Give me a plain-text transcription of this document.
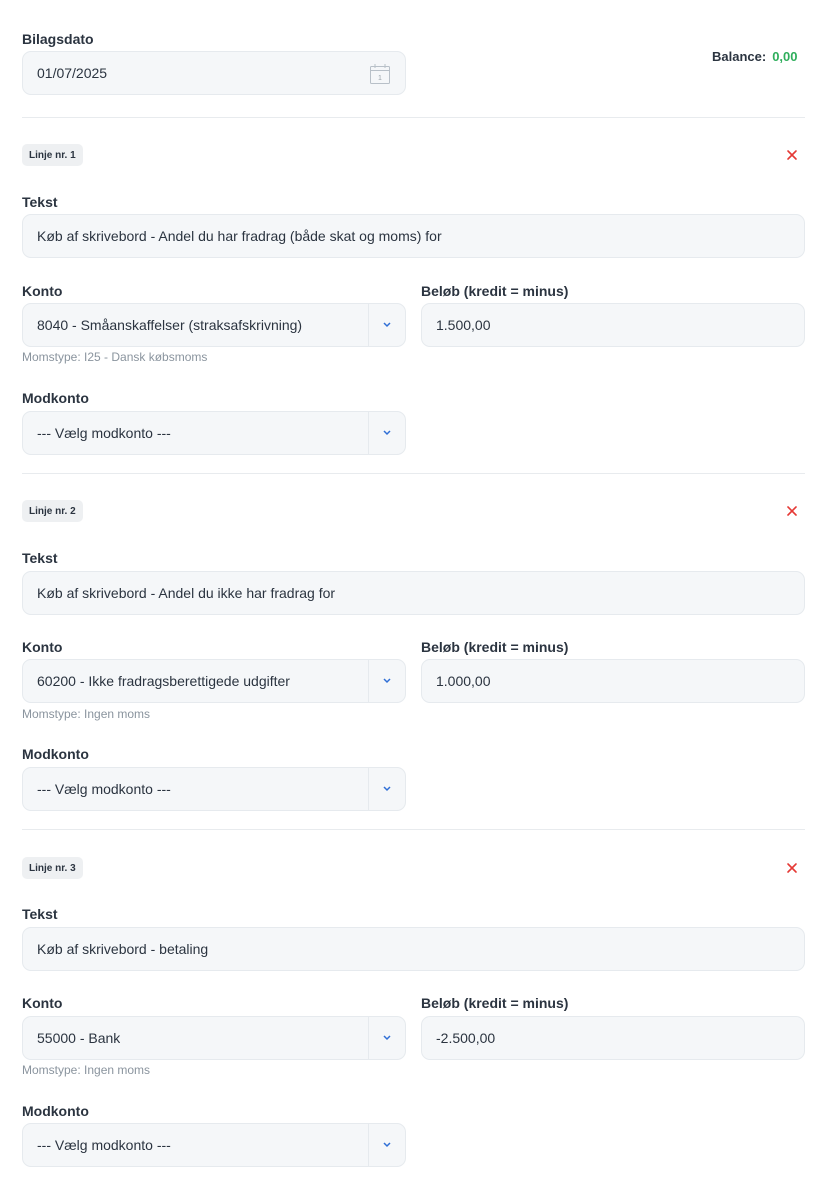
Bilagsdato
01/07/2025	1
Balance: 0,00
Linje nr. 1
Tekst
Køb af skrivebord - Andel du har fradrag (både skat og moms) for
Konto	Beløb (kredit = minus)
8040 - Småanskaffelser (straksafskrivning)	1.500,00
Momstype: I25 - Dansk købsmoms
Modkonto
--- Vælg modkonto ---
Linje nr. 2
Tekst
Køb af skrivebord - Andel du ikke har fradrag for
Konto	Beløb (kredit = minus)
60200 - Ikke fradragsberettigede udgifter	1.000,00
Momstype: Ingen moms
Modkonto
--- Vælg modkonto ---
Linje nr. 3
Tekst
Køb af skrivebord - betaling
Konto	Beløb (kredit = minus)
55000 - Bank	-2.500,00
Momstype: Ingen moms
Modkonto
--- Vælg modkonto ---
